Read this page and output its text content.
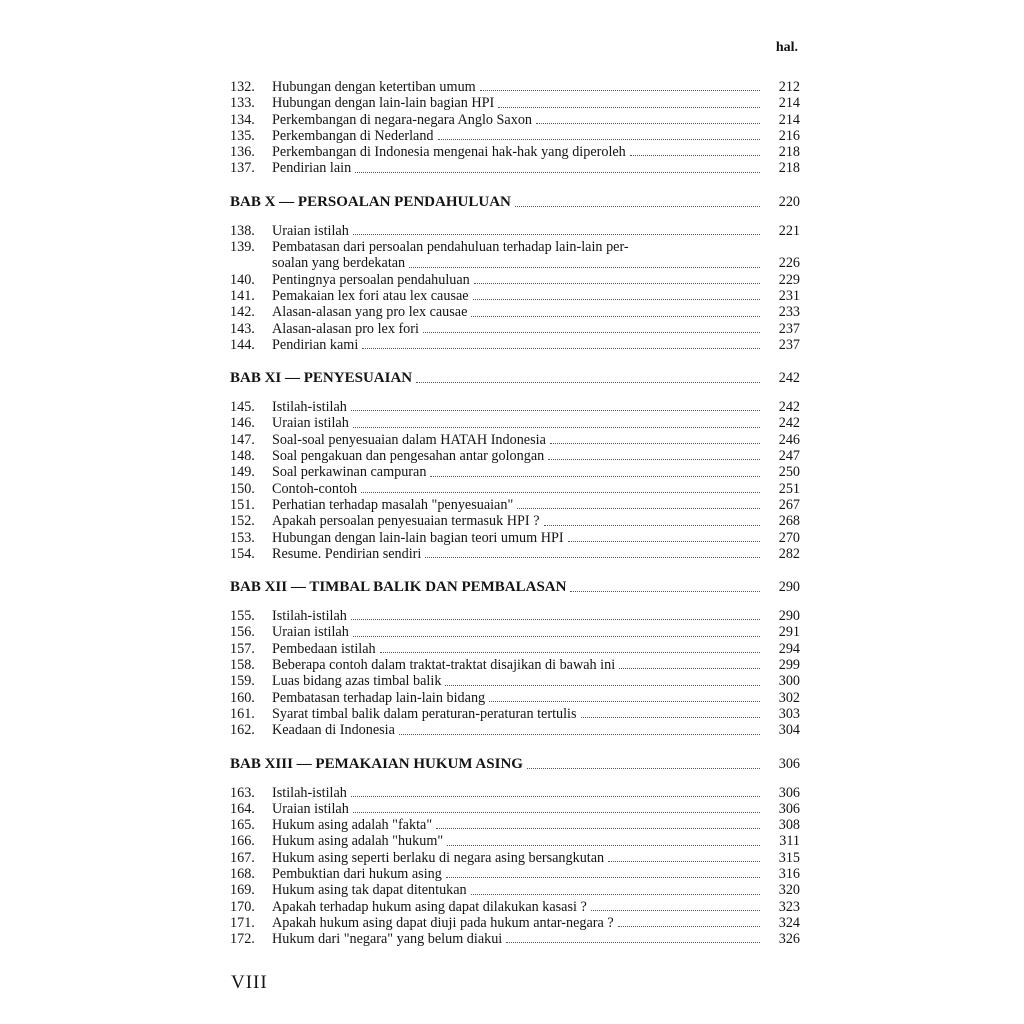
hal.
132.	Hubungan dengan ketertiban umum	212
133.	Hubungan dengan lain-lain bagian HPI	214
134.	Perkembangan di negara-negara Anglo Saxon	214
135.	Perkembangan di Nederland	216
136.	Perkembangan di Indonesia mengenai hak-hak yang diperoleh	218
137.	Pendirian lain	218
BAB X — PERSOALAN PENDAHULUAN	220
138.	Uraian istilah	221
139.	Pembatasan dari persoalan pendahuluan terhadap lain-lain per-
soalan yang berdekatan	226
140.	Pentingnya persoalan pendahuluan	229
141.	Pemakaian lex fori atau lex causae	231
142.	Alasan-alasan yang pro lex causae	233
143.	Alasan-alasan pro lex fori	237
144.	Pendirian kami	237
BAB XI — PENYESUAIAN	242
145.	Istilah-istilah	242
146.	Uraian istilah	242
147.	Soal-soal penyesuaian dalam HATAH Indonesia	246
148.	Soal pengakuan dan pengesahan antar golongan	247
149.	Soal perkawinan campuran	250
150.	Contoh-contoh	251
151.	Perhatian terhadap masalah "penyesuaian"	267
152.	Apakah persoalan penyesuaian termasuk HPI ?	268
153.	Hubungan dengan lain-lain bagian teori umum HPI	270
154.	Resume. Pendirian sendiri	282
BAB XII — TIMBAL BALIK DAN PEMBALASAN	290
155.	Istilah-istilah	290
156.	Uraian istilah	291
157.	Pembedaan istilah	294
158.	Beberapa contoh dalam traktat-traktat disajikan di bawah ini	299
159.	Luas bidang azas timbal balik	300
160.	Pembatasan terhadap lain-lain bidang	302
161.	Syarat timbal balik dalam peraturan-peraturan tertulis	303
162.	Keadaan di Indonesia	304
BAB XIII — PEMAKAIAN HUKUM ASING	306
163.	Istilah-istilah	306
164.	Uraian istilah	306
165.	Hukum asing adalah "fakta"	308
166.	Hukum asing adalah "hukum"	311
167.	Hukum asing seperti berlaku di negara asing bersangkutan	315
168.	Pembuktian dari hukum asing	316
169.	Hukum asing tak dapat ditentukan	320
170.	Apakah terhadap hukum asing dapat dilakukan kasasi ?	323
171.	Apakah hukum asing dapat diuji pada hukum antar-negara ?	324
172.	Hukum dari "negara" yang belum diakui	326
VIII
